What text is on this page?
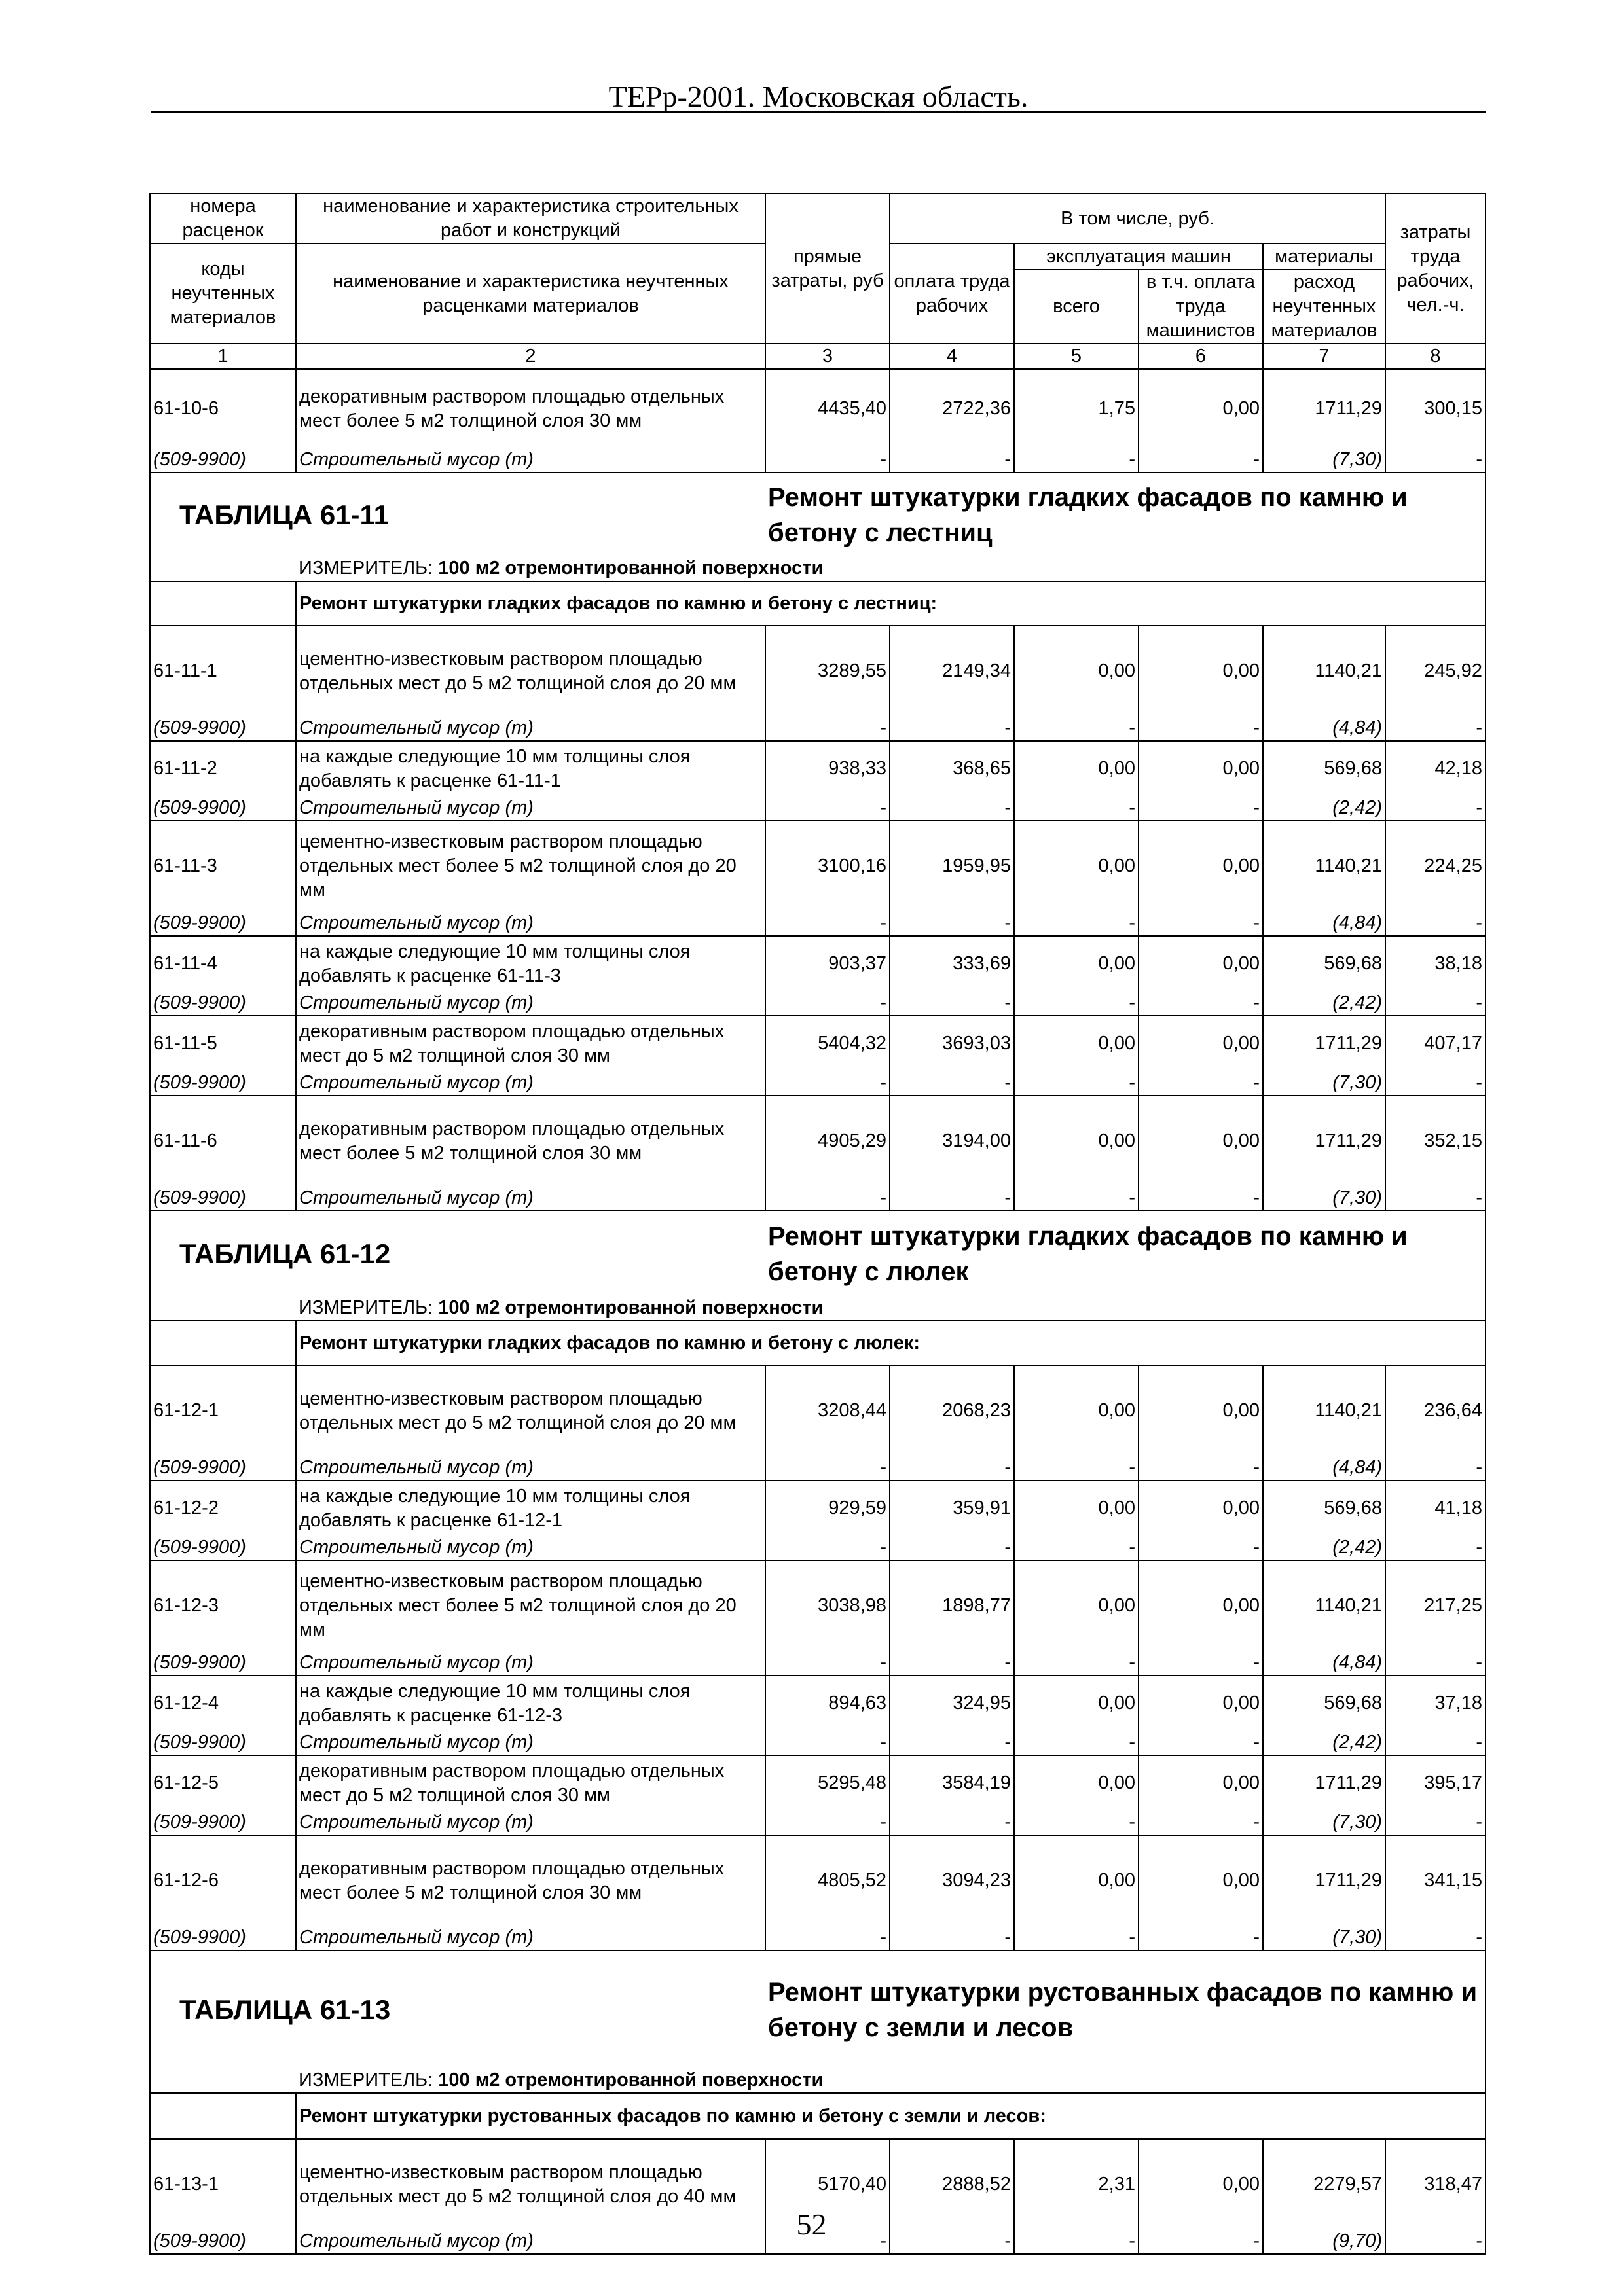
ТЕРр-2001. Московская область.
номера расценок	наименование и характеристика строительных работ и конструкций	прямые затраты, руб	В том числе, руб.				затраты труда рабочих, чел.-ч.
коды неучтенных материалов	наименование и характеристика неучтенных расценками материалов		оплата труда рабочих	эксплуатация машин		материалы	
				всего	в т.ч. оплата труда машинистов	расход неучтенных материалов	
1	2	3	4	5	6	7	8
61-10-6	декоративным раствором площадью отдельных мест более 5 м2 толщиной слоя 30 мм	4435,40	2722,36	1,75	0,00	1711,29	300,15
(509-9900)	Строительный мусор (т)	-	-	-	-	(7,30)	-

ТАБЛИЦА 61-11		Ремонт штукатурки гладких фасадов по камню и бетону с лестниц					

	ИЗМЕРИТЕЛЬ: 100 м2 отремонтированной поверхности						
	Ремонт штукатурки гладких фасадов по камню и бетону с лестниц:						
61-11-1	цементно-известковым раствором площадью отдельных мест до 5 м2 толщиной слоя до 20 мм	3289,55	2149,34	0,00	0,00	1140,21	245,92
(509-9900)	Строительный мусор (т)	-	-	-	-	(4,84)	-
61-11-2	на каждые следующие 10 мм толщины слоя добавлять к расценке 61-11-1	938,33	368,65	0,00	0,00	569,68	42,18
(509-9900)	Строительный мусор (т)	-	-	-	-	(2,42)	-
61-11-3	цементно-известковым раствором площадью отдельных мест более 5 м2 толщиной слоя до 20 мм	3100,16	1959,95	0,00	0,00	1140,21	224,25
(509-9900)	Строительный мусор (т)	-	-	-	-	(4,84)	-
61-11-4	на каждые следующие 10 мм толщины слоя добавлять к расценке 61-11-3	903,37	333,69	0,00	0,00	569,68	38,18
(509-9900)	Строительный мусор (т)	-	-	-	-	(2,42)	-
61-11-5	декоративным раствором площадью отдельных мест до 5 м2 толщиной слоя 30 мм	5404,32	3693,03	0,00	0,00	1711,29	407,17
(509-9900)	Строительный мусор (т)	-	-	-	-	(7,30)	-
61-11-6	декоративным раствором площадью отдельных мест более 5 м2 толщиной слоя 30 мм	4905,29	3194,00	0,00	0,00	1711,29	352,15
(509-9900)	Строительный мусор (т)	-	-	-	-	(7,30)	-

ТАБЛИЦА 61-12		Ремонт штукатурки гладких фасадов по камню и бетону с люлек					

	ИЗМЕРИТЕЛЬ: 100 м2 отремонтированной поверхности						
	Ремонт штукатурки гладких фасадов по камню и бетону с люлек:						
61-12-1	цементно-известковым раствором площадью отдельных мест до 5 м2 толщиной слоя до 20 мм	3208,44	2068,23	0,00	0,00	1140,21	236,64
(509-9900)	Строительный мусор (т)	-	-	-	-	(4,84)	-
61-12-2	на каждые следующие 10 мм толщины слоя добавлять к расценке 61-12-1	929,59	359,91	0,00	0,00	569,68	41,18
(509-9900)	Строительный мусор (т)	-	-	-	-	(2,42)	-
61-12-3	цементно-известковым раствором площадью отдельных мест более 5 м2 толщиной слоя до 20 мм	3038,98	1898,77	0,00	0,00	1140,21	217,25
(509-9900)	Строительный мусор (т)	-	-	-	-	(4,84)	-
61-12-4	на каждые следующие 10 мм толщины слоя добавлять к расценке 61-12-3	894,63	324,95	0,00	0,00	569,68	37,18
(509-9900)	Строительный мусор (т)	-	-	-	-	(2,42)	-
61-12-5	декоративным раствором площадью отдельных мест до 5 м2 толщиной слоя 30 мм	5295,48	3584,19	0,00	0,00	1711,29	395,17
(509-9900)	Строительный мусор (т)	-	-	-	-	(7,30)	-
61-12-6	декоративным раствором площадью отдельных мест более 5 м2 толщиной слоя 30 мм	4805,52	3094,23	0,00	0,00	1711,29	341,15
(509-9900)	Строительный мусор (т)	-	-	-	-	(7,30)	-

ТАБЛИЦА 61-13		Ремонт штукатурки рустованных фасадов по камню и бетону с земли и лесов					

	ИЗМЕРИТЕЛЬ: 100 м2 отремонтированной поверхности						
	Ремонт штукатурки рустованных фасадов по камню и бетону с земли и лесов:						
61-13-1	цементно-известковым раствором площадью отдельных мест до 5 м2 толщиной слоя до 40 мм	5170,40	2888,52	2,31	0,00	2279,57	318,47
(509-9900)	Строительный мусор (т)	-	-	-	-	(9,70)	-
52
